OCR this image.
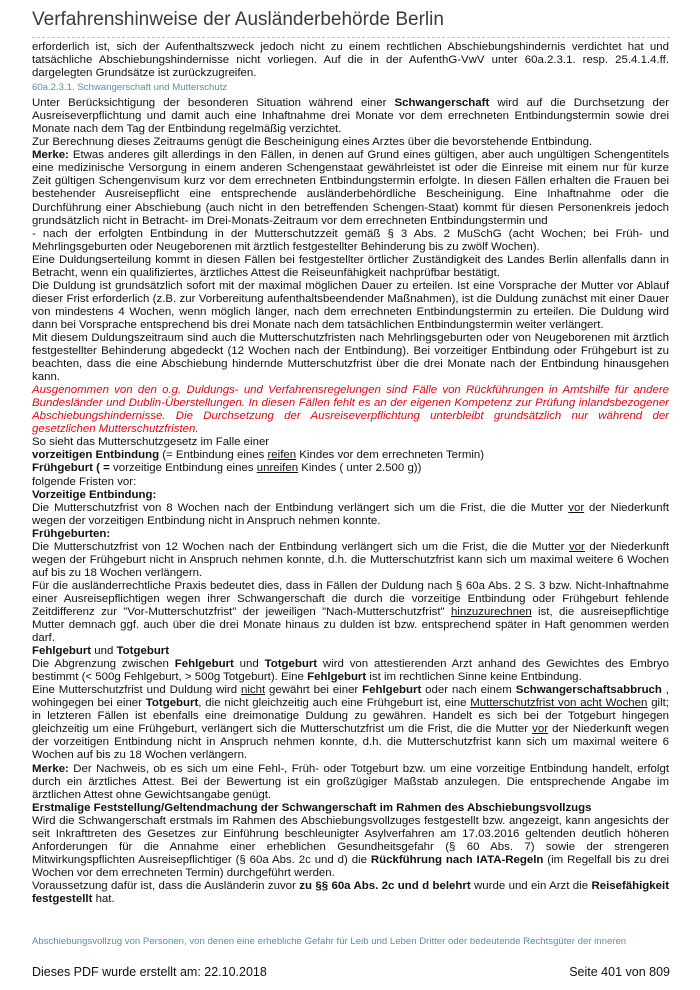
Verfahrenshinweise der Ausländerbehörde Berlin

erforderlich ist, sich der Aufenthaltszweck jedoch nicht zu einem rechtlichen Abschiebungshindernis verdichtet hat und tatsächliche Abschiebungshindernisse nicht vorliegen. Auf die in der AufenthG-VwV unter 60a.2.3.1. resp. 25.4.1.4.ff. dargelegten Grundsätze ist zurückzugreifen.

60a.2.3.1. Schwangerschaft und Mutterschutz

Unter Berücksichtigung der besonderen Situation während einer Schwangerschaft wird auf die Durchsetzung der Ausreiseverpflichtung und damit auch eine Inhaftnahme drei Monate vor dem errechneten Entbindungstermin sowie drei Monate nach dem Tag der Entbindung regelmäßig verzichtet.

Zur Berechnung dieses Zeitraums genügt die Bescheinigung eines Arztes über die bevorstehende Entbindung.

Merke: Etwas anderes gilt allerdings in den Fällen, in denen auf Grund eines gültigen, aber auch ungültigen Schengentitels eine medizinische Versorgung in einem anderen Schengenstaat gewährleistet ist oder die Einreise mit einem nur für kurze Zeit gültigen Schengenvisum kurz vor dem errechneten Entbindungstermin erfolgte. In diesen Fällen erhalten die Frauen bei bestehender Ausreisepflicht eine entsprechende ausländerbehördliche Bescheinigung. Eine Inhaftnahme oder die Durchführung einer Abschiebung (auch nicht in den betreffenden Schengen-Staat) kommt für diesen Personenkreis jedoch grundsätzlich nicht in Betracht- im Drei-Monats-Zeitraum vor dem errechneten Entbindungstermin und

- nach der erfolgten Entbindung in der Mutterschutzzeit gemäß § 3 Abs. 2 MuSchG (acht Wochen; bei Früh- und Mehrlingsgeburten oder Neugeborenen mit ärztlich festgestellter Behinderung bis zu zwölf Wochen).

Eine Duldungserteilung kommt in diesen Fällen bei festgestellter örtlicher Zuständigkeit des Landes Berlin allenfalls dann in Betracht, wenn ein qualifiziertes, ärztliches Attest die Reiseunfähigkeit nachprüfbar bestätigt.

Die Duldung ist grundsätzlich sofort mit der maximal möglichen Dauer zu erteilen. Ist eine Vorsprache der Mutter vor Ablauf dieser Frist erforderlich (z.B. zur Vorbereitung aufenthaltsbeendender Maßnahmen), ist die Duldung zunächst mit einer Dauer von mindestens 4 Wochen, wenn möglich länger, nach dem errechneten Entbindungstermin zu erteilen. Die Duldung wird dann bei Vorsprache entsprechend bis drei Monate nach dem tatsächlichen Entbindungstermin weiter verlängert.

Mit diesem Duldungszeitraum sind auch die Mutterschutzfristen nach Mehrlingsgeburten oder von Neugeborenen mit ärztlich festgestellter Behinderung abgedeckt (12 Wochen nach der Entbindung). Bei vorzeitiger Entbindung oder Frühgeburt ist zu beachten, dass die eine Abschiebung hindernde Mutterschutzfrist über die drei Monate nach der Entbindung hinausgehen kann.

Ausgenommen von den o.g. Duldungs- und Verfahrensregelungen sind Fälle von Rückführungen in Amtshilfe für andere Bundesländer und Dublin-Überstellungen. In diesen Fällen fehlt es an der eigenen Kompetenz zur Prüfung inlandsbezogener Abschiebungshindernisse. Die Durchsetzung der Ausreiseverpflichtung unterbleibt grundsätzlich nur während der gesetzlichen Mutterschutzfristen.

So sieht das Mutterschutzgesetz im Falle einer

vorzeitigen Entbindung (= Entbindung eines reifen Kindes vor dem errechneten Termin)

Frühgeburt ( = vorzeitige Entbindung eines unreifen Kindes ( unter 2.500 g))

folgende Fristen vor:

Vorzeitige Entbindung:

Die Mutterschutzfrist von 8 Wochen nach der Entbindung verlängert sich um die Frist, die die Mutter vor der Niederkunft wegen der vorzeitigen Entbindung nicht in Anspruch nehmen konnte.

Frühgeburten:

Die Mutterschutzfrist von 12 Wochen nach der Entbindung verlängert sich um die Frist, die die Mutter vor der Niederkunft wegen der Frühgeburt nicht in Anspruch nehmen konnte, d.h. die Mutterschutzfrist kann sich um maximal weitere 6 Wochen auf bis zu 18 Wochen verlängern.

Für die ausländerrechtliche Praxis bedeutet dies, dass in Fällen der Duldung nach § 60a Abs. 2 S. 3 bzw. Nicht-Inhaftnahme einer Ausreisepflichtigen wegen ihrer Schwangerschaft die durch die vorzeitige Entbindung oder Frühgeburt fehlende Zeitdifferenz zur "Vor-Mutterschutzfrist" der jeweiligen "Nach-Mutterschutzfrist" hinzuzurechnen ist, die ausreisepflichtige Mutter demnach ggf. auch über die drei Monate hinaus zu dulden ist bzw. entsprechend später in Haft genommen werden darf.

Fehlgeburt und Totgeburt

Die Abgrenzung zwischen Fehlgeburt und Totgeburt wird von attestierenden Arzt anhand des Gewichtes des Embryo bestimmt (< 500g Fehlgeburt, > 500g Totgeburt). Eine Fehlgeburt ist im rechtlichen Sinne keine Entbindung.

Eine Mutterschutzfrist und Duldung wird nicht gewährt bei einer Fehlgeburt oder nach einem Schwangerschaftsabbruch , wohingegen bei einer Totgeburt, die nicht gleichzeitig auch eine Frühgeburt ist, eine Mutterschutzfrist von acht Wochen gilt; in letzteren Fällen ist ebenfalls eine dreimonatige Duldung zu gewähren. Handelt es sich bei der Totgeburt hingegen gleichzeitig um eine Frühgeburt, verlängert sich die Mutterschutzfrist um die Frist, die die Mutter vor der Niederkunft wegen der vorzeitigen Entbindung nicht in Anspruch nehmen konnte, d.h. die Mutterschutzfrist kann sich um maximal weitere 6 Wochen auf bis zu 18 Wochen verlängern.

Merke: Der Nachweis, ob es sich um eine Fehl-, Früh- oder Totgeburt bzw. um eine vorzeitige Entbindung handelt, erfolgt durch ein ärztliches Attest. Bei der Bewertung ist ein großzügiger Maßstab anzulegen. Die entsprechende Angabe im ärztlichen Attest ohne Gewichtsangabe genügt.

Erstmalige Feststellung/Geltendmachung der Schwangerschaft im Rahmen des Abschiebungsvollzugs

Wird die Schwangerschaft erstmals im Rahmen des Abschiebungsvollzuges festgestellt bzw. angezeigt, kann angesichts der seit Inkrafttreten des Gesetzes zur Einführung beschleunigter Asylverfahren am 17.03.2016 geltenden deutlich höheren Anforderungen für die Annahme einer erheblichen Gesundheitsgefahr (§ 60 Abs. 7) sowie der strengeren Mitwirkungspflichten Ausreisepflichtiger (§ 60a Abs. 2c und d) die Rückführung nach IATA-Regeln (im Regelfall bis zu drei Wochen vor dem errechneten Termin) durchgeführt werden.

Voraussetzung dafür ist, dass die Ausländerin zuvor zu §§ 60a Abs. 2c und d belehrt wurde und ein Arzt die Reisefähigkeit festgestellt hat.

Abschiebungsvollzug von Personen, von denen eine erhebliche Gefahr für Leib und Leben Dritter oder bedeutende Rechtsgüter der inneren
Dieses PDF wurde erstellt am: 22.10.2018	Seite 401 von 809
